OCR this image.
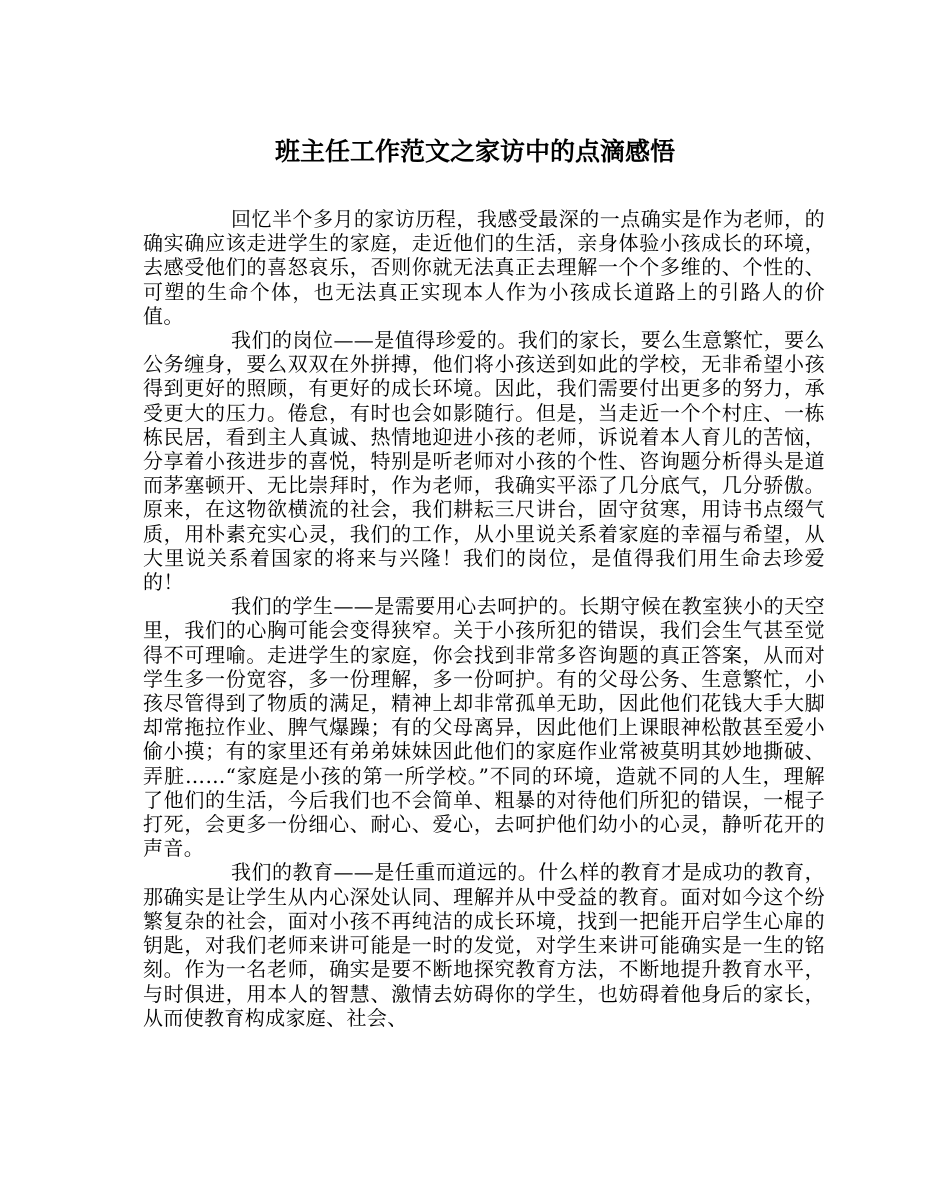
班主任工作范文之家访中的点滴感悟

回忆半个多月的家访历程，我感受最深的一点确实是作为老师，的确实确应该走进学生的家庭，走近他们的生活，亲身体验小孩成长的环境，去感受他们的喜怒哀乐，否则你就无法真正去理解一个个多维的、个性的、可塑的生命个体，也无法真正实现本人作为小孩成长道路上的引路人的价值。

我们的岗位——是值得珍爱的。我们的家长，要么生意繁忙，要么公务缠身，要么双双在外拼搏，他们将小孩送到如此的学校，无非希望小孩得到更好的照顾，有更好的成长环境。因此，我们需要付出更多的努力，承受更大的压力。倦怠，有时也会如影随行。但是，当走近一个个村庄、一栋栋民居，看到主人真诚、热情地迎进小孩的老师，诉说着本人育儿的苦恼，分享着小孩进步的喜悦，特别是听老师对小孩的个性、咨询题分析得头是道而茅塞顿开、无比崇拜时，作为老师，我确实平添了几分底气，几分骄傲。原来，在这物欲横流的社会，我们耕耘三尺讲台，固守贫寒，用诗书点缀气质，用朴素充实心灵，我们的工作，从小里说关系着家庭的幸福与希望，从大里说关系着国家的将来与兴隆！我们的岗位，是值得我们用生命去珍爱的！

我们的学生——是需要用心去呵护的。长期守候在教室狭小的天空里，我们的心胸可能会变得狭窄。关于小孩所犯的错误，我们会生气甚至觉得不可理喻。走进学生的家庭，你会找到非常多咨询题的真正答案，从而对学生多一份宽容，多一份理解，多一份呵护。有的父母公务、生意繁忙，小孩尽管得到了物质的满足，精神上却非常孤单无助，因此他们花钱大手大脚却常拖拉作业、脾气爆躁；有的父母离异，因此他们上课眼神松散甚至爱小偷小摸；有的家里还有弟弟妹妹因此他们的家庭作业常被莫明其妙地撕破、弄脏……“家庭是小孩的第一所学校。”不同的环境，造就不同的人生，理解了他们的生活，今后我们也不会简单、粗暴的对待他们所犯的错误，一棍子打死，会更多一份细心、耐心、爱心，去呵护他们幼小的心灵，静听花开的声音。

我们的教育——是任重而道远的。什么样的教育才是成功的教育，那确实是让学生从内心深处认同、理解并从中受益的教育。面对如今这个纷繁复杂的社会，面对小孩不再纯洁的成长环境，找到一把能开启学生心扉的钥匙，对我们老师来讲可能是一时的发觉，对学生来讲可能确实是一生的铭刻。作为一名老师，确实是要不断地探究教育方法，不断地提升教育水平，与时俱进，用本人的智慧、激情去妨碍你的学生，也妨碍着他身后的家长，从而使教育构成家庭、社会、
